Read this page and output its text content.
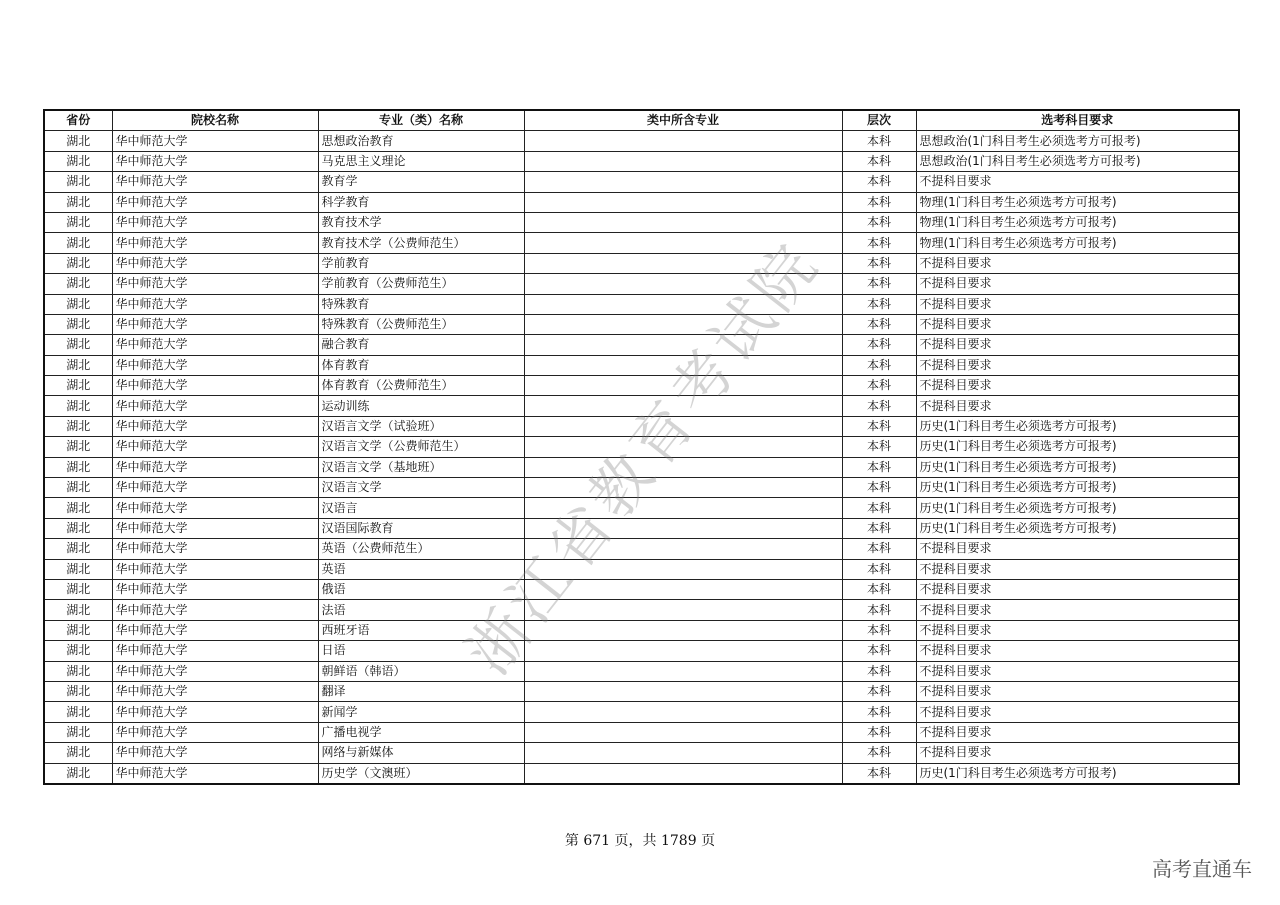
省份	院校名称	专业（类）名称	类中所含专业	层次	选考科目要求
湖北	华中师范大学	思想政治教育		本科	思想政治(1门科目考生必须选考方可报考)
湖北	华中师范大学	马克思主义理论		本科	思想政治(1门科目考生必须选考方可报考)
湖北	华中师范大学	教育学		本科	不提科目要求
湖北	华中师范大学	科学教育		本科	物理(1门科目考生必须选考方可报考)
湖北	华中师范大学	教育技术学		本科	物理(1门科目考生必须选考方可报考)
湖北	华中师范大学	教育技术学（公费师范生）		本科	物理(1门科目考生必须选考方可报考)
湖北	华中师范大学	学前教育		本科	不提科目要求
湖北	华中师范大学	学前教育（公费师范生）		本科	不提科目要求
湖北	华中师范大学	特殊教育		本科	不提科目要求
湖北	华中师范大学	特殊教育（公费师范生）		本科	不提科目要求
湖北	华中师范大学	融合教育		本科	不提科目要求
湖北	华中师范大学	体育教育		本科	不提科目要求
湖北	华中师范大学	体育教育（公费师范生）		本科	不提科目要求
湖北	华中师范大学	运动训练		本科	不提科目要求
湖北	华中师范大学	汉语言文学（试验班）		本科	历史(1门科目考生必须选考方可报考)
湖北	华中师范大学	汉语言文学（公费师范生）		本科	历史(1门科目考生必须选考方可报考)
湖北	华中师范大学	汉语言文学（基地班）		本科	历史(1门科目考生必须选考方可报考)
湖北	华中师范大学	汉语言文学		本科	历史(1门科目考生必须选考方可报考)
湖北	华中师范大学	汉语言		本科	历史(1门科目考生必须选考方可报考)
湖北	华中师范大学	汉语国际教育		本科	历史(1门科目考生必须选考方可报考)
湖北	华中师范大学	英语（公费师范生）		本科	不提科目要求
湖北	华中师范大学	英语		本科	不提科目要求
湖北	华中师范大学	俄语		本科	不提科目要求
湖北	华中师范大学	法语		本科	不提科目要求
湖北	华中师范大学	西班牙语		本科	不提科目要求
湖北	华中师范大学	日语		本科	不提科目要求
湖北	华中师范大学	朝鲜语（韩语）		本科	不提科目要求
湖北	华中师范大学	翻译		本科	不提科目要求
湖北	华中师范大学	新闻学		本科	不提科目要求
湖北	华中师范大学	广播电视学		本科	不提科目要求
湖北	华中师范大学	网络与新媒体		本科	不提科目要求
湖北	华中师范大学	历史学（文澳班）		本科	历史(1门科目考生必须选考方可报考)
浙江省教育考试院
第 671 页，共 1789 页
高考直通车
